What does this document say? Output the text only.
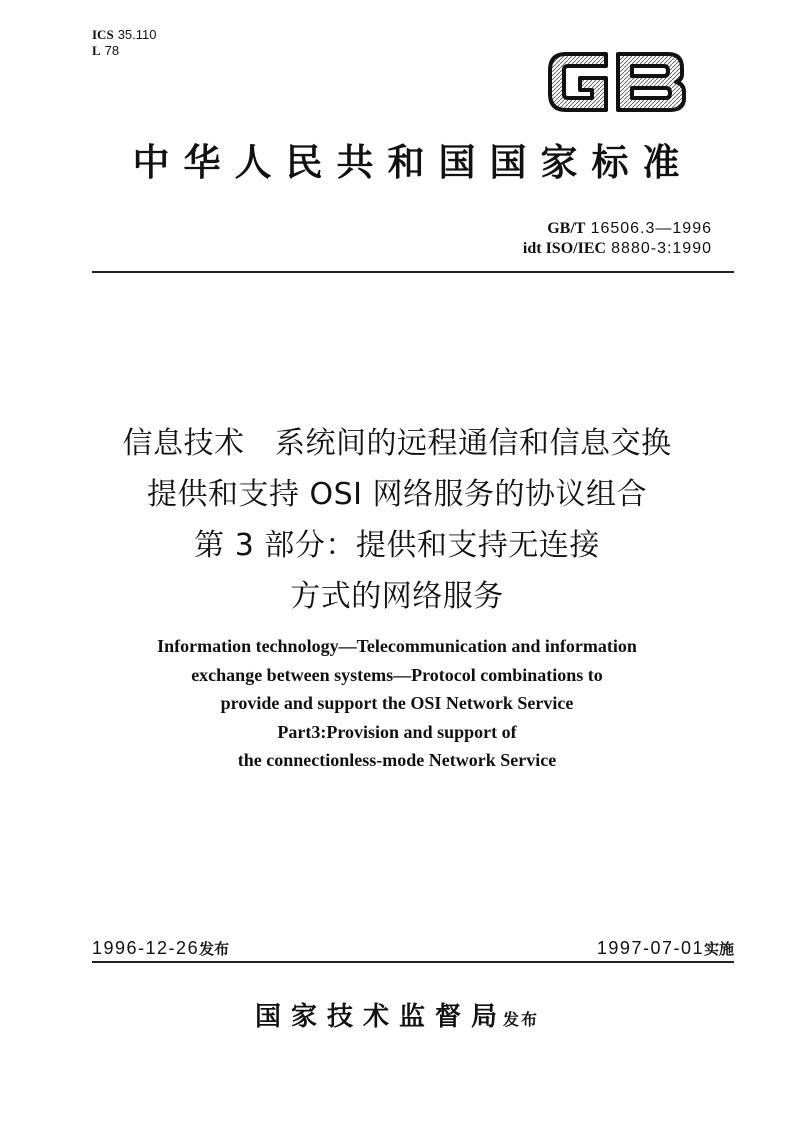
ICS 35.110
L 78	GB
中华人民共和国国家标准
GB/T 16506.3—1996
idt ISO/IEC 8880-3:1990
信息技术　系统间的远程通信和信息交换
提供和支持 OSI 网络服务的协议组合
第 3 部分：提供和支持无连接
方式的网络服务
Information technology—Telecommunication and information
exchange between systems—Protocol combinations to
provide and support the OSI Network Service
Part3:Provision and support of
the connectionless-mode Network Service
1996-12-26发布	1997-07-01实施
国家技术监督局发布
